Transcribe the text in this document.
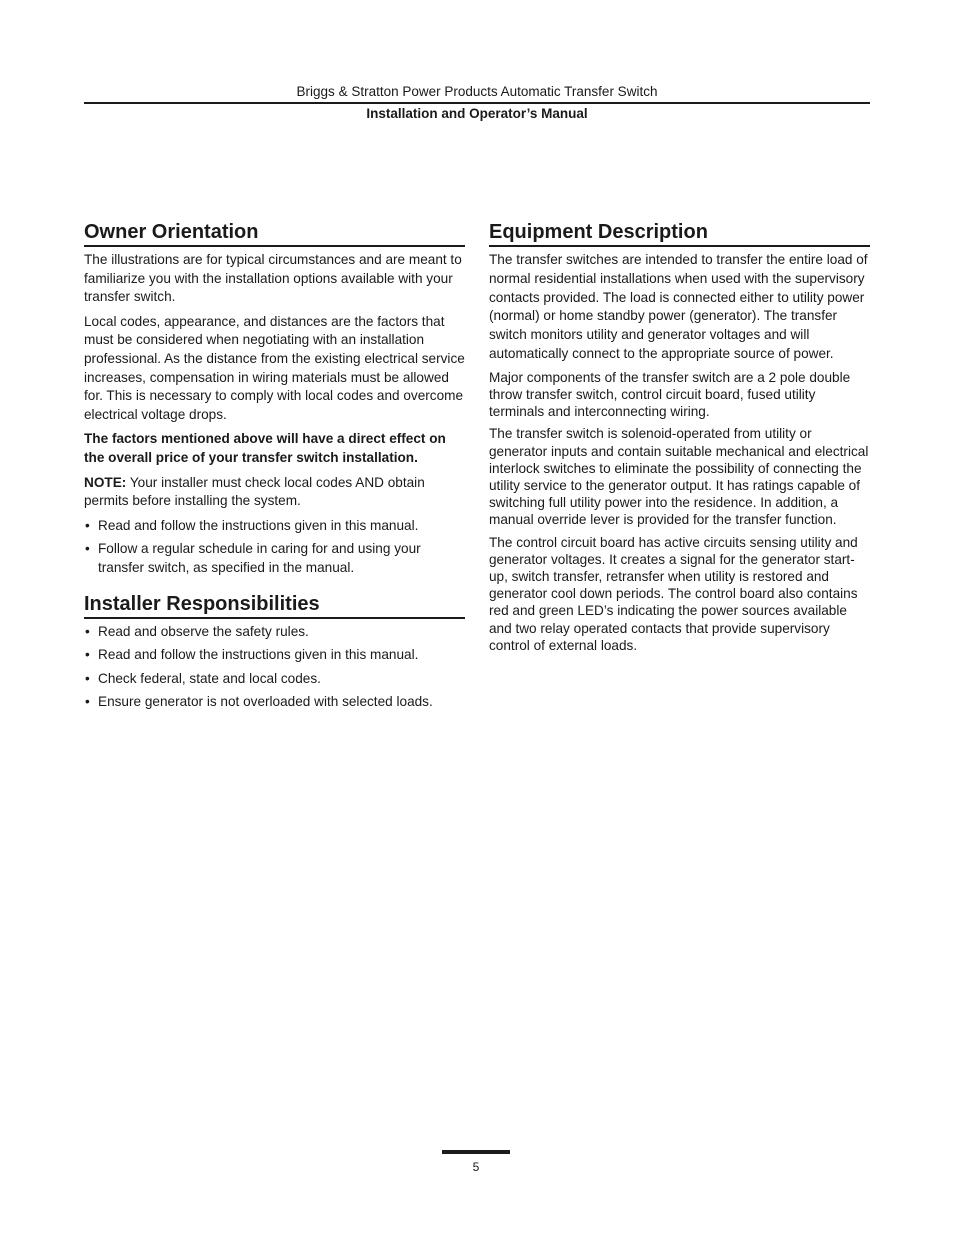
Briggs & Stratton Power Products Automatic Transfer Switch
Installation and Operator’s Manual
Owner Orientation

The illustrations are for typical circumstances and are meant to familiarize you with the installation options available with your transfer switch.

Local codes, appearance, and distances are the factors that must be considered when negotiating with an installation professional. As the distance from the existing electrical service increases, compensation in wiring materials must be allowed for. This is necessary to comply with local codes and overcome electrical voltage drops.

The factors mentioned above will have a direct effect on the overall price of your transfer switch installation.

NOTE: Your installer must check local codes AND obtain permits before installing the system.

• Read and follow the instructions given in this manual.
• Follow a regular schedule in caring for and using your transfer switch, as specified in the manual.
Installer Responsibilities
• Read and observe the safety rules.
• Read and follow the instructions given in this manual.
• Check federal, state and local codes.
• Ensure generator is not overloaded with selected loads.
Equipment Description

The transfer switches are intended to transfer the entire load of normal residential installations when used with the supervisory contacts provided. The load is connected either to utility power (normal) or home standby power (generator). The transfer switch monitors utility and generator voltages and will automatically connect to the appropriate source of power.

Major components of the transfer switch are a 2 pole double throw transfer switch, control circuit board, fused utility terminals and interconnecting wiring.

The transfer switch is solenoid-operated from utility or generator inputs and contain suitable mechanical and electrical interlock switches to eliminate the possibility of connecting the utility service to the generator output. It has ratings capable of switching full utility power into the residence. In addition, a manual override lever is provided for the transfer function.

The control circuit board has active circuits sensing utility and generator voltages. It creates a signal for the generator start-up, switch transfer, retransfer when utility is restored and generator cool down periods. The control board also contains red and green LED’s indicating the power sources available and two relay operated contacts that provide supervisory control of external loads.

5
